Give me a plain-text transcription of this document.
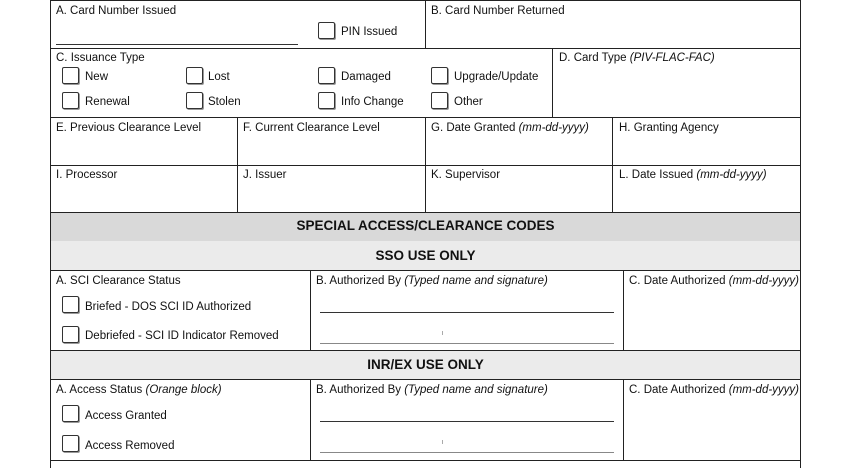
A. Card Number Issued
PIN Issued
B. Card Number Returned
C. Issuance Type
New	Lost	Damaged	Upgrade/Update
Renewal	Stolen	Info Change	Other
D. Card Type (PIV-FLAC-FAC)
E. Previous Clearance Level	F. Current Clearance Level	G. Date Granted (mm-dd-yyyy)	H. Granting Agency
I. Processor	J. Issuer	K. Supervisor	L. Date Issued (mm-dd-yyyy)
SPECIAL ACCESS/CLEARANCE CODES
SSO USE ONLY
A. SCI Clearance Status
Briefed - DOS SCI ID Authorized
Debriefed - SCI ID Indicator Removed
B. Authorized By (Typed name and signature)	C. Date Authorized (mm-dd-yyyy)
INR/EX USE ONLY
A. Access Status (Orange block)
Access Granted
Access Removed
B. Authorized By (Typed name and signature)	C. Date Authorized (mm-dd-yyyy)
